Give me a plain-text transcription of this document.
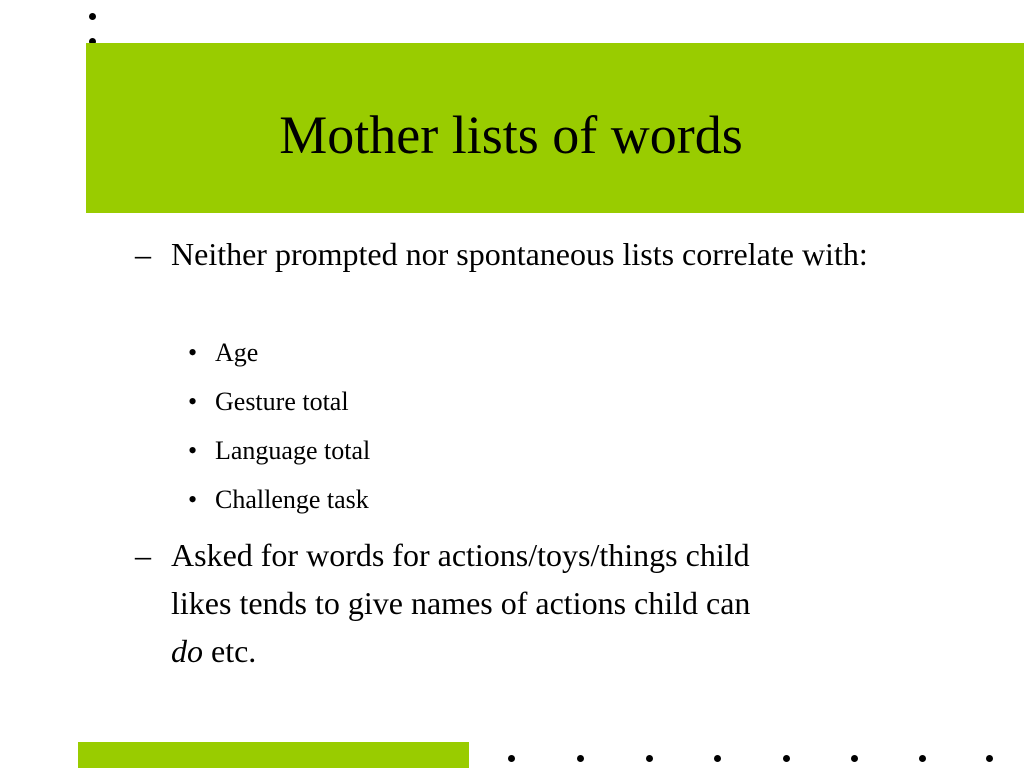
Mother lists of words
– Neither prompted nor spontaneous lists correlate with:
• Age
• Gesture total
• Language total
• Challenge task
– Asked for words for actions/toys/things child
likes tends to give names of actions child can
do etc.
